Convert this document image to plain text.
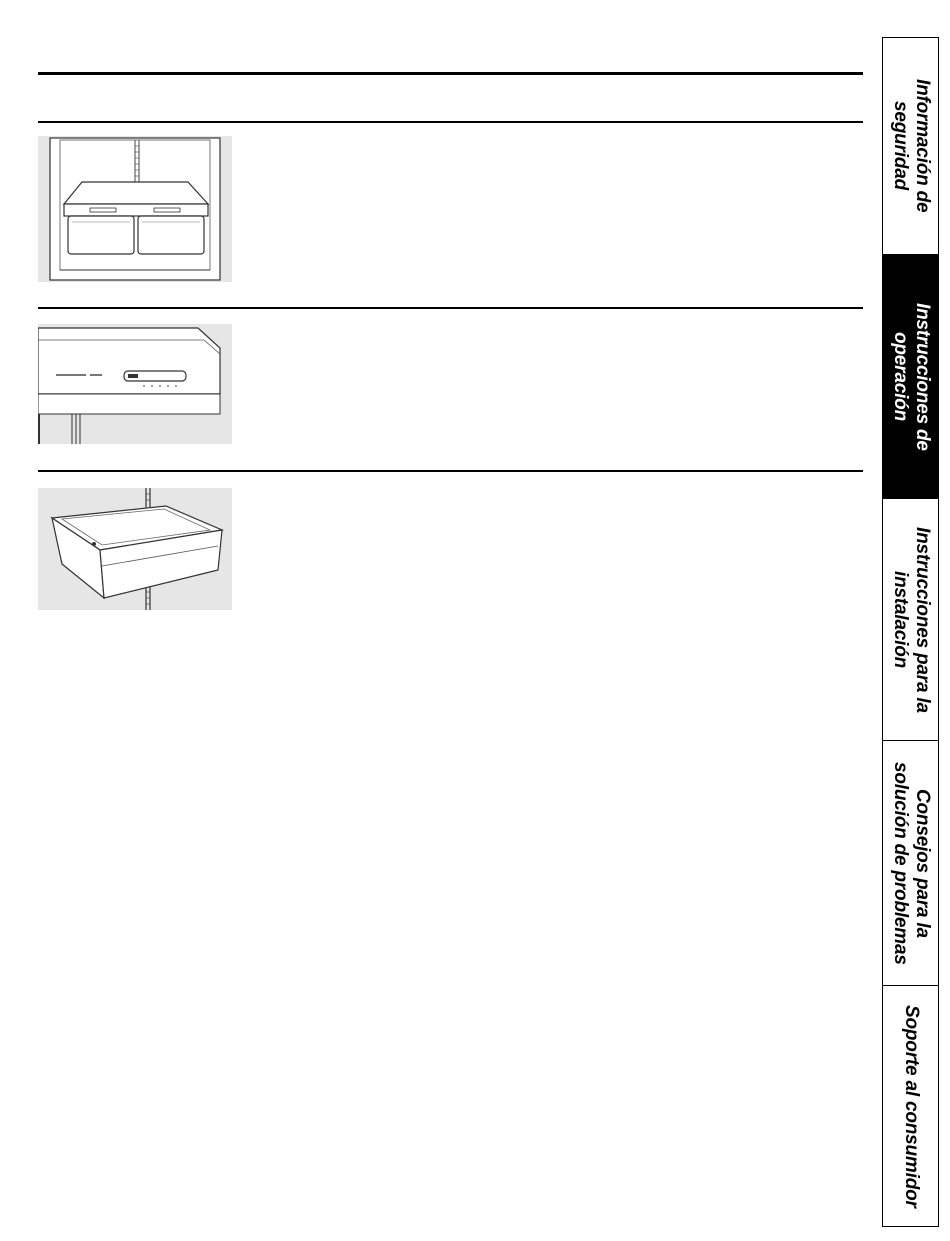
Información de
seguridad
Instrucciones de
operación
Instrucciones para la
instalación
Consejos para la
solución de problemas
Soporte al consumidor
